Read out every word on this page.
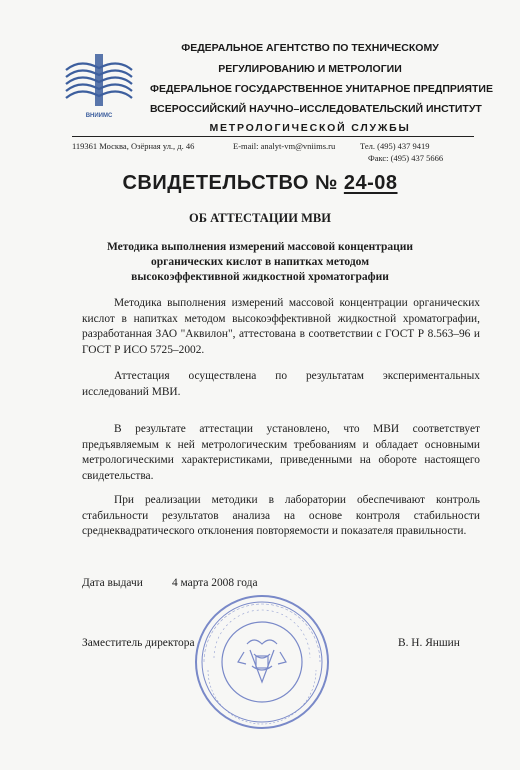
ВНИИМС
ФЕДЕРАЛЬНОЕ АГЕНТСТВО ПО ТЕХНИЧЕСКОМУ
РЕГУЛИРОВАНИЮ И МЕТРОЛОГИИ
ФЕДЕРАЛЬНОЕ ГОСУДАРСТВЕННОЕ УНИТАРНОЕ ПРЕДПРИЯТИЕ
ВСЕРОССИЙСКИЙ НАУЧНО–ИССЛЕДОВАТЕЛЬСКИЙ ИНСТИТУТ
МЕТРОЛОГИЧЕСКОЙ СЛУЖБЫ
119361 Москва, Озёрная ул., д. 46	E-mail: analyt-vm@vniims.ru	Тел. (495) 437 9419
Факс: (495) 437 5666
СВИДЕТЕЛЬСТВО № 24-08
ОБ АТТЕСТАЦИИ МВИ
Методика выполнения измерений массовой концентрации
органических кислот в напитках методом
высокоэффективной жидкостной хроматографии
Методика выполнения измерений массовой концентрации органических кислот в напитках методом высокоэффективной жидкостной хроматографии, разработанная ЗАО "Аквилон", аттестована в соответствии с ГОСТ Р 8.563–96 и ГОСТ Р ИСО 5725–2002.
Аттестация осуществлена по результатам экспериментальных исследований МВИ.
В результате аттестации установлено, что МВИ соответствует предъявляемым к ней метрологическим требованиям и обладает основными метрологическими характеристиками, приведенными на обороте настоящего свидетельства.
При реализации методики в лаборатории обеспечивают контроль стабильности результатов анализа на основе контроля стабильности среднеквадратического отклонения повторяемости и показателя правильности.
Дата выдачи	4 марта 2008 года
Заместитель директора	В. Н. Яншин
